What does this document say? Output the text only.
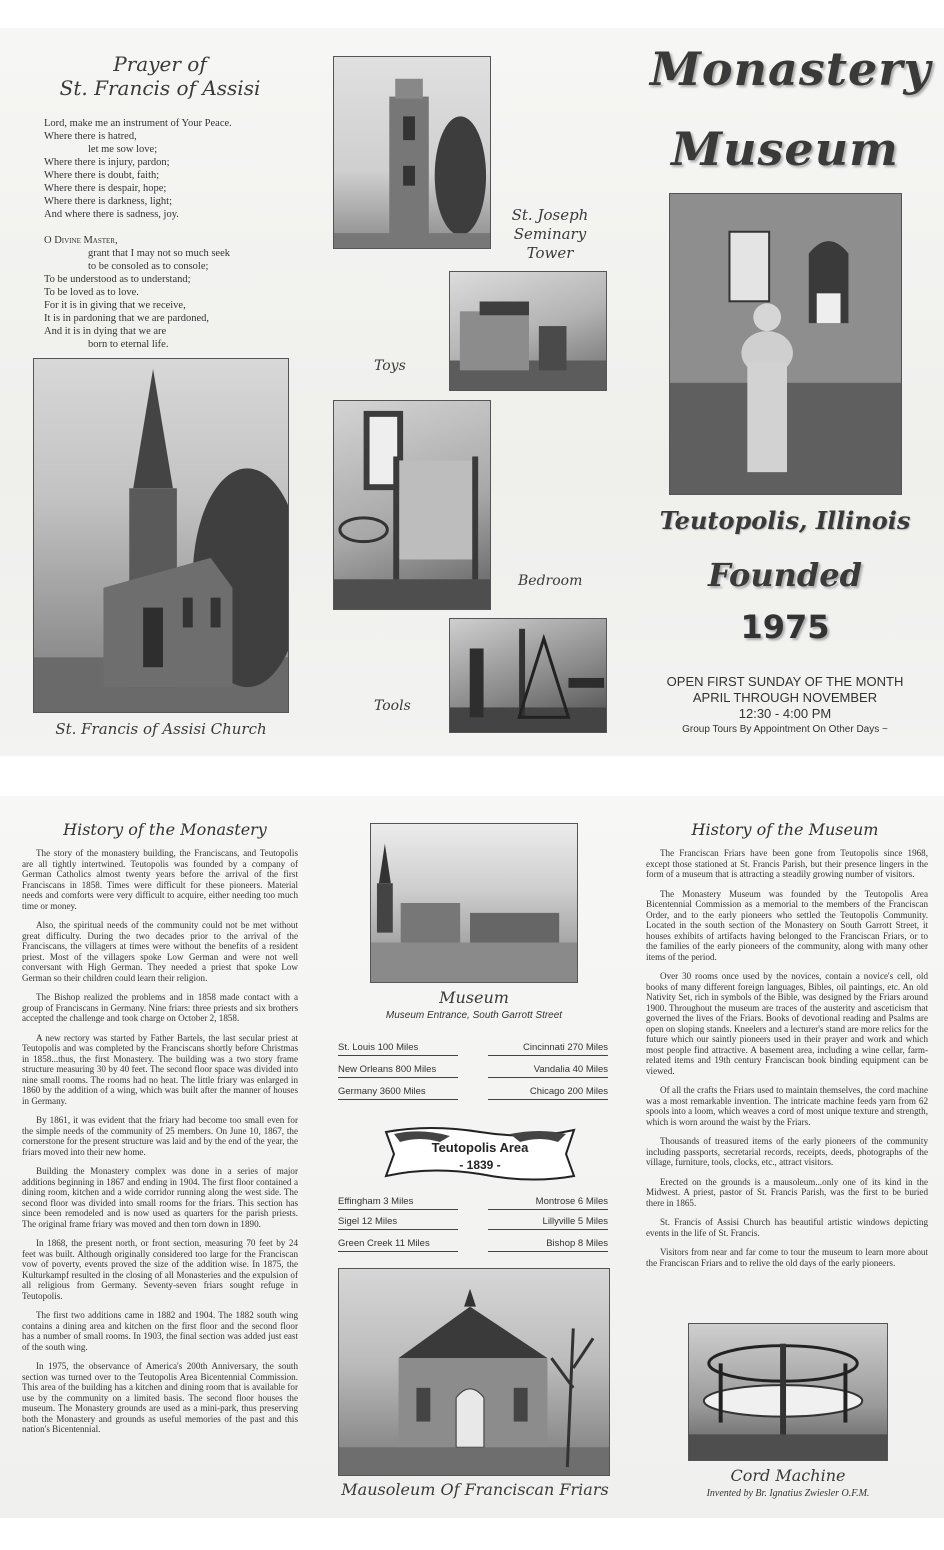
Prayer of
St. Francis of Assisi
Lord, make me an instrument of Your Peace.
Where there is hatred,
let me sow love;
Where there is injury, pardon;
Where there is doubt, faith;
Where there is despair, hope;
Where there is darkness, light;
And where there is sadness, joy.
O Divine Master,
grant that I may not so much seek
to be consoled as to console;
To be understood as to understand;
To be loved as to love.
For it is in giving that we receive,
It is in pardoning that we are pardoned,
And it is in dying that we are
born to eternal life.
St. Francis of Assisi Church
St. Joseph
Seminary Tower
Toys
Bedroom
Tools
Monastery
Museum
Teutopolis, Illinois
Founded
1975
OPEN FIRST SUNDAY OF THE MONTH
APRIL THROUGH NOVEMBER
12:30 - 4:00 PM
Group Tours By Appointment On Other Days ~
History of the Monastery

The story of the monastery building, the Franciscans, and Teutopolis are all tightly intertwined. Teutopolis was founded by a company of German Catholics almost twenty years before the arrival of the first Franciscans in 1858. Times were difficult for these pioneers. Material needs and comforts were very difficult to acquire, either needing too much time or money.

Also, the spiritual needs of the community could not be met without great difficulty. During the two decades prior to the arrival of the Franciscans, the villagers at times were without the benefits of a resident priest. Most of the villagers spoke Low German and were not well conversant with High German. They needed a priest that spoke Low German so their children could learn their religion.

The Bishop realized the problems and in 1858 made contact with a group of Franciscans in Germany. Nine friars: three priests and six brothers accepted the challenge and took charge on October 2, 1858.

A new rectory was started by Father Bartels, the last secular priest at Teutopolis and was completed by the Franciscans shortly before Christmas in 1858...thus, the first Monastery. The building was a two story frame structure measuring 30 by 40 feet. The second floor space was divided into nine small rooms. The rooms had no heat. The little friary was enlarged in 1860 by the addition of a wing, which was built after the manner of houses in Germany.

By 1861, it was evident that the friary had become too small even for the simple needs of the community of 25 members. On June 10, 1867, the cornerstone for the present structure was laid and by the end of the year, the friars moved into their new home.

Building the Monastery complex was done in a series of major additions beginning in 1867 and ending in 1904. The first floor contained a dining room, kitchen and a wide corridor running along the west side. The second floor was divided into small rooms for the friars. This section has since been remodeled and is now used as quarters for the parish priests. The original frame friary was moved and then torn down in 1890.

In 1868, the present north, or front section, measuring 70 feet by 24 feet was built. Although originally considered too large for the Franciscan vow of poverty, events proved the size of the addition wise. In 1875, the Kulturkampf resulted in the closing of all Monasteries and the expulsion of all religious from Germany. Seventy-seven friars sought refuge in Teutopolis.

The first two additions came in 1882 and 1904. The 1882 south wing contains a dining area and kitchen on the first floor and the second floor has a number of small rooms. In 1903, the final section was added just east of the south wing.

In 1975, the observance of America's 200th Anniversary, the south section was turned over to the Teutopolis Area Bicentennial Commission. This area of the building has a kitchen and dining room that is available for use by the community on a limited basis. The second floor houses the museum. The Monastery grounds are used as a mini-park, thus preserving both the Monastery and grounds as useful memories of the past and this nation's Bicentennial.

Museum
Museum Entrance, South Garrott Street
St. Louis 100 Miles
New Orleans 800 Miles
Germany 3600 Miles
Cincinnati 270 Miles
Vandalia 40 Miles
Chicago 200 Miles
Teutopolis Area
- 1839 -
Effingham 3 Miles
Sigel 12 Miles
Green Creek 11 Miles
Montrose 6 Miles
Lillyville 5 Miles
Bishop 8 Miles
Mausoleum Of Franciscan Friars
History of the Museum

The Franciscan Friars have been gone from Teutopolis since 1968, except those stationed at St. Francis Parish, but their presence lingers in the form of a museum that is attracting a steadily growing number of visitors.

The Monastery Museum was founded by the Teutopolis Area Bicentennial Commission as a memorial to the members of the Franciscan Order, and to the early pioneers who settled the Teutopolis Community. Located in the south section of the Monastery on South Garrott Street, it houses exhibits of artifacts having belonged to the Franciscan Friars, or to the families of the early pioneers of the community, along with many other items of the period.

Over 30 rooms once used by the novices, contain a novice's cell, old books of many different foreign languages, Bibles, oil paintings, etc. An old Nativity Set, rich in symbols of the Bible, was designed by the Friars around 1900. Throughout the museum are traces of the austerity and asceticism that governed the lives of the Friars. Books of devotional reading and Psalms are open on sloping stands. Kneelers and a lecturer's stand are more relics for the future which our saintly pioneers used in their prayer and work and which most people find attractive. A basement area, including a wine cellar, farm-related items and 19th century Franciscan book binding equipment can be viewed.

Of all the crafts the Friars used to maintain themselves, the cord machine was a most remarkable invention. The intricate machine feeds yarn from 62 spools into a loom, which weaves a cord of most unique texture and strength, which is worn around the waist by the Friars.

Thousands of treasured items of the early pioneers of the community including passports, secretarial records, receipts, deeds, photographs of the village, furniture, tools, clocks, etc., attract visitors.

Erected on the grounds is a mausoleum...only one of its kind in the Midwest. A priest, pastor of St. Francis Parish, was the first to be buried there in 1865.

St. Francis of Assisi Church has beautiful artistic windows depicting events in the life of St. Francis.

Visitors from near and far come to tour the museum to learn more about the Franciscan Friars and to relive the old days of the early pioneers.

Cord Machine
Invented by Br. Ignatius Zwiesler O.F.M.
